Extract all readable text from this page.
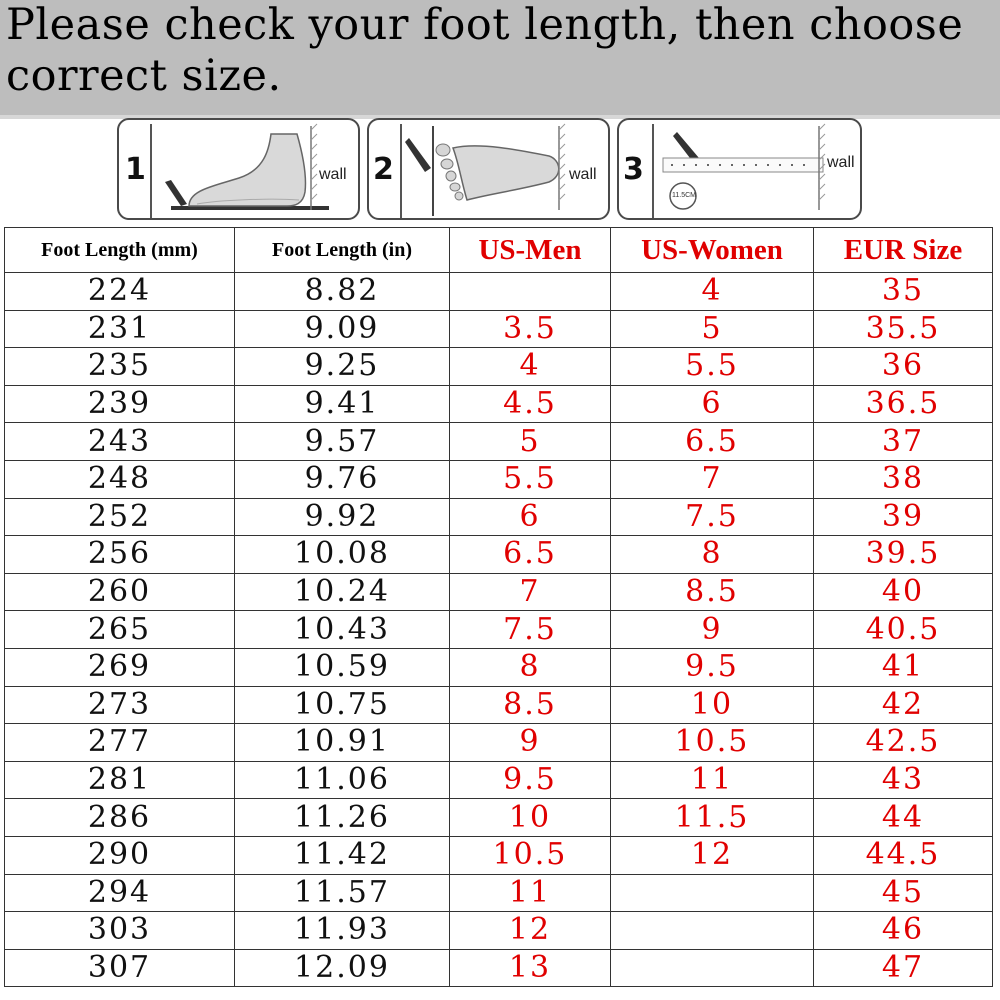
Please check your foot length, then choose correct size.
1	wall 2	wall 3
11.5CM
wall
Foot Length (mm)	Foot Length (in)	US-Men	US-Women	EUR Size
224	8.82		4	35
231	9.09	3.5	5	35.5
235	9.25	4	5.5	36
239	9.41	4.5	6	36.5
243	9.57	5	6.5	37
248	9.76	5.5	7	38
252	9.92	6	7.5	39
256	10.08	6.5	8	39.5
260	10.24	7	8.5	40
265	10.43	7.5	9	40.5
269	10.59	8	9.5	41
273	10.75	8.5	10	42
277	10.91	9	10.5	42.5
281	11.06	9.5	11	43
286	11.26	10	11.5	44
290	11.42	10.5	12	44.5
294	11.57	11		45
303	11.93	12		46
307	12.09	13		47
